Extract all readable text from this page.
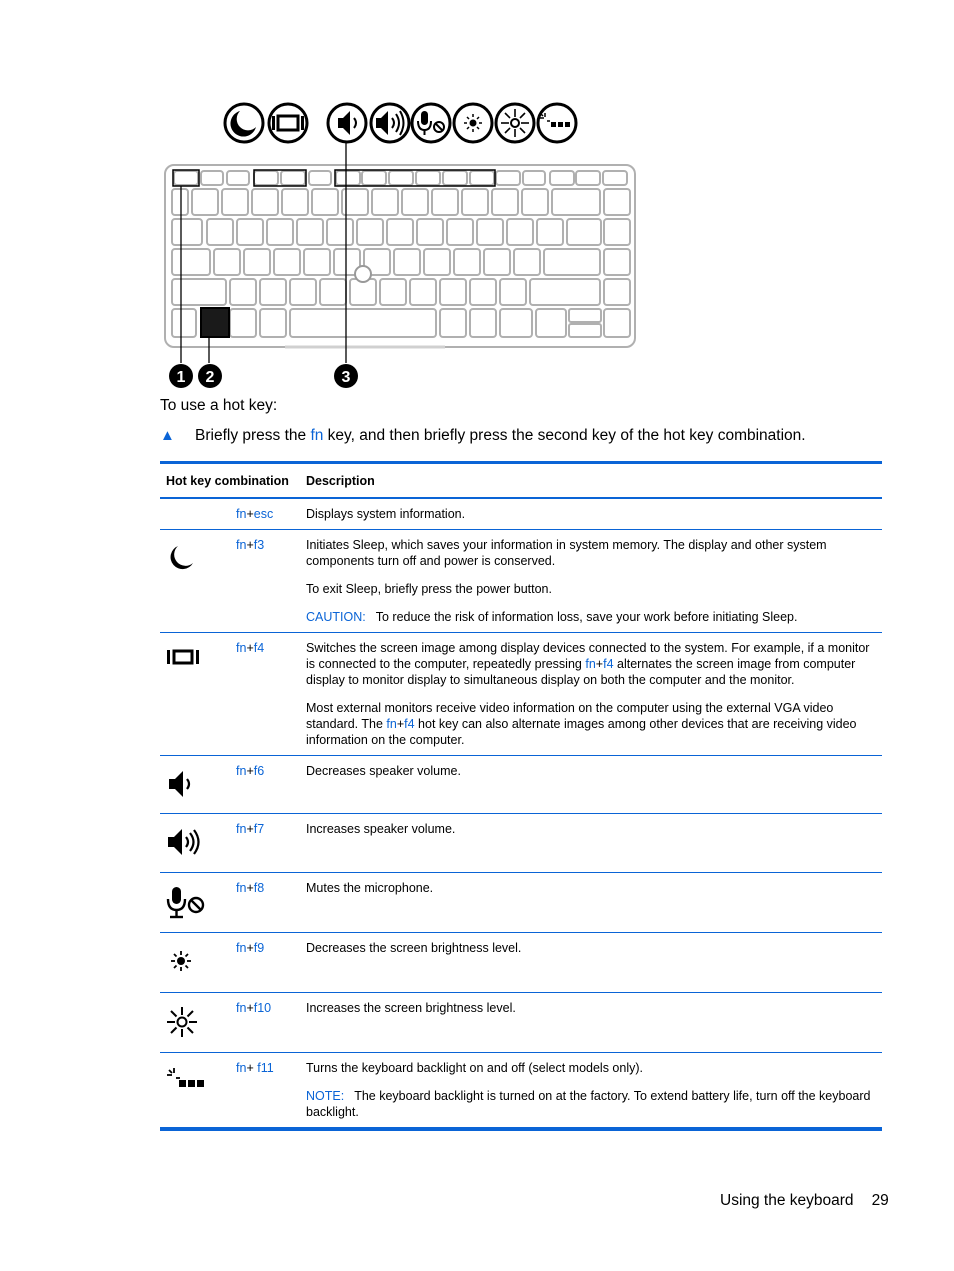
1 2	3

To use a hot key:

▲ Briefly press the fn key, and then briefly press the second key of the hot key combination.
Hot key combination		Description
	fn+esc	Displays system information.

	fn+f3	Initiates Sleep, which saves your information in system memory. The display and other system components turn off and power is conserved.

To exit Sleep, briefly press the power button.

CAUTION: To reduce the risk of information loss, save your work before initiating Sleep.

	fn+f4	Switches the screen image among display devices connected to the system. For example, if a monitor is connected to the computer, repeatedly pressing fn+f4 alternates the screen image from computer display to monitor display to simultaneous display on both the computer and the monitor.

Most external monitors receive video information on the computer using the external VGA video standard. The fn+f4 hot key can also alternate images among other devices that are receiving video information on the computer.

	fn+f6	Decreases speaker volume.

	fn+f7	Increases speaker volume.

	fn+f8	Mutes the microphone.

	fn+f9	Decreases the screen brightness level.

	fn+f10	Increases the screen brightness level.

	fn+ f11	Turns the keyboard backlight on and off (select models only).

NOTE: The keyboard backlight is turned on at the factory. To extend battery life, turn off the keyboard backlight.

Using the keyboard 29
